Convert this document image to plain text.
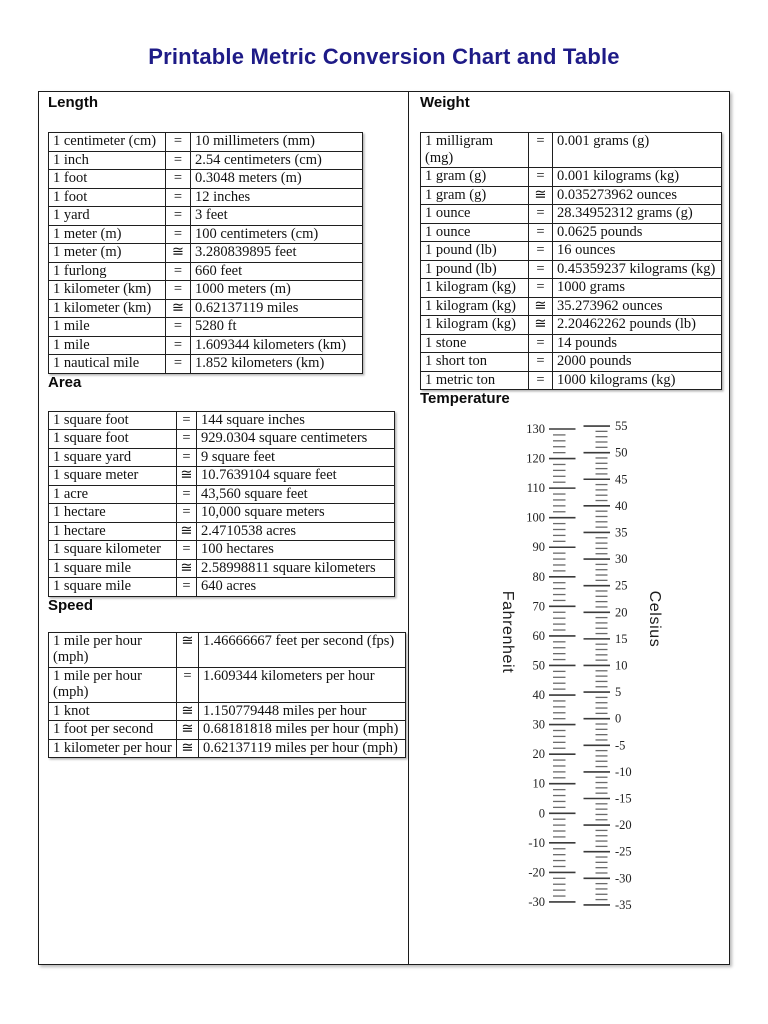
Printable Metric Conversion Chart and Table
Length
1 centimeter (cm)	=	10 millimeters (mm)
1 inch	=	2.54 centimeters (cm)
1 foot	=	0.3048 meters (m)
1 foot	=	12 inches
1 yard	=	3 feet
1 meter (m)	=	100 centimeters (cm)
1 meter (m)	≅	3.280839895 feet
1 furlong	=	660 feet
1 kilometer (km)	=	1000 meters (m)
1 kilometer (km)	≅	0.62137119 miles
1 mile	=	5280 ft
1 mile	=	1.609344 kilometers (km)
1 nautical mile	=	1.852 kilometers (km)
Area
1 square foot	=	144 square inches
1 square foot	=	929.0304 square centimeters
1 square yard	=	9 square feet
1 square meter	≅	10.7639104 square feet
1 acre	=	43,560 square feet
1 hectare	=	10,000 square meters
1 hectare	≅	2.4710538 acres
1 square kilometer	=	100 hectares
1 square mile	≅	2.58998811 square kilometers
1 square mile	=	640 acres
Speed
1 mile per hour (mph)	≅	1.46666667 feet per second (fps)
1 mile per hour (mph)	=	1.609344 kilometers per hour
1 knot	≅	1.150779448 miles per hour
1 foot per second	≅	0.68181818 miles per hour (mph)
1 kilometer per hour	≅	0.62137119 miles per hour (mph)
Weight
1 milligram (mg)	=	0.001 grams (g)
1 gram (g)	=	0.001 kilograms (kg)
1 gram (g)	≅	0.035273962 ounces
1 ounce	=	28.34952312 grams (g)
1 ounce	=	0.0625 pounds
1 pound (lb)	=	16 ounces
1 pound (lb)	=	0.45359237 kilograms (kg)
1 kilogram (kg)	=	1000 grams
1 kilogram (kg)	≅	35.273962 ounces
1 kilogram (kg)	≅	2.20462262 pounds (lb)
1 stone	=	14 pounds
1 short ton	=	2000 pounds
1 metric ton	=	1000 kilograms (kg)
Temperature
130
120
110
100
90
80
70
60
50
40
30
20
10
0
-10
-20
-30
55
50
45
40
35
30
25
20
15
10
5
0
-5
-10
-15
-20
-25
-30
-35
Fahrenheit	Celsius
